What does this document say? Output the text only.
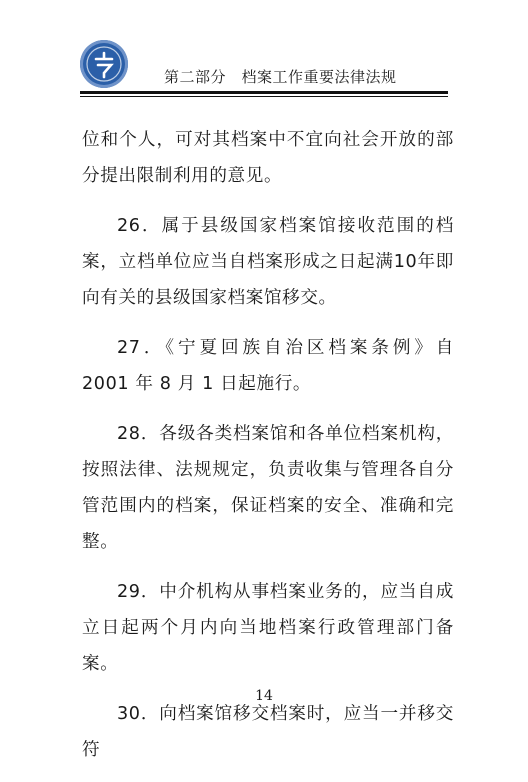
第二部分　档案工作重要法律法规

位和个人，可对其档案中不宜向社会开放的部分提出限制利用的意见。

26．属于县级国家档案馆接收范围的档案，立档单位应当自档案形成之日起满10年即向有关的县级国家档案馆移交。

27．《宁夏回族自治区档案条例》自 2001 年 8 月 1 日起施行。

28．各级各类档案馆和各单位档案机构，按照法律、法规规定，负责收集与管理各自分管范围内的档案，保证档案的安全、准确和完整。

29．中介机构从事档案业务的，应当自成立日起两个月内向当地档案行政管理部门备案。

30．向档案馆移交档案时，应当一并移交符

14
